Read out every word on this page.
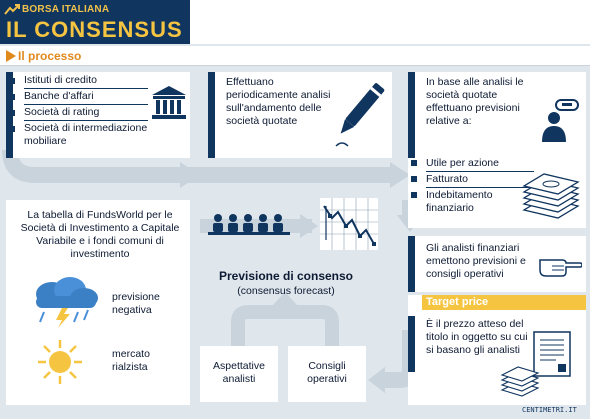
BORSA ITALIANA
IL CONSENSUS
Il processo
Istituti di credito
Banche d'affari
Società di rating
Società di intermediazione mobiliare
Effettuano periodicamente analisi sull'andamento delle società quotate
In base alle analisi le società quotate effettuano previsioni relative a:
Utile per azione
Fatturato
Indebitamento finanziario
Gli analisti finanziari emettono previsioni e consigli operativi
Target price
È il prezzo atteso del titolo in oggetto su cui si basano gli analisti
La tabella di FundsWorld per le Società di Investimento a Capitale Variabile e i fondi comuni di investimento
previsione negativa
mercato rialzista
Previsione di consenso
(consensus forecast)
Aspettative analisti
Consigli operativi
CENTIMETRI.IT
